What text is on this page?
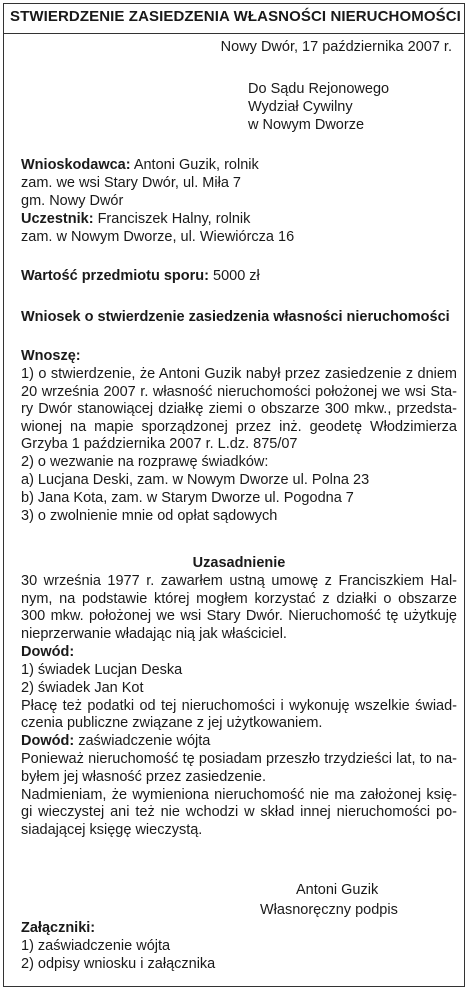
STWIERDZENIE ZASIEDZENIA WŁASNOŚCI NIERUCHOMOŚCI
Nowy Dwór, 17 października 2007 r.
Do Sądu Rejonowego
Wydział Cywilny
w Nowym Dworze
Wnioskodawca: Antoni Guzik, rolnik
zam. we wsi Stary Dwór, ul. Miła 7
gm. Nowy Dwór
Uczestnik: Franciszek Halny, rolnik
zam. w Nowym Dworze, ul. Wiewiórcza 16
Wartość przedmiotu sporu: 5000 zł
Wniosek o stwierdzenie zasiedzenia własności nieruchomości
Wnoszę:
1) o stwierdzenie, że Antoni Guzik nabył przez zasiedzenie z dniem
20 września 2007 r. własność nieruchomości położonej we wsi Sta-
ry Dwór stanowiącej działkę ziemi o obszarze 300 mkw., przedsta-
wionej na mapie sporządzonej przez inż. geodetę Włodzimierza
Grzyba 1 października 2007 r. L.dz. 875/07
2) o wezwanie na rozprawę świadków:
a) Lucjana Deski, zam. w Nowym Dworze ul. Polna 23
b) Jana Kota, zam. w Starym Dworze ul. Pogodna 7
3) o zwolnienie mnie od opłat sądowych
Uzasadnienie
30 września 1977 r. zawarłem ustną umowę z Franciszkiem Hal-
nym, na podstawie której mogłem korzystać z działki o obszarze
300 mkw. położonej we wsi Stary Dwór. Nieruchomość tę użytkuję
nieprzerwanie władając nią jak właściciel.
Dowód:
1) świadek Lucjan Deska
2) świadek Jan Kot
Płacę też podatki od tej nieruchomości i wykonuję wszelkie świad-
czenia publiczne związane z jej użytkowaniem.
Dowód: zaświadczenie wójta
Ponieważ nieruchomość tę posiadam przeszło trzydzieści lat, to na-
byłem jej własność przez zasiedzenie.
Nadmieniam, że wymieniona nieruchomość nie ma założonej księ-
gi wieczystej ani też nie wchodzi w skład innej nieruchomości po-
siadającej księgę wieczystą.
Antoni Guzik
Własnoręczny podpis
Załączniki:
1) zaświadczenie wójta
2) odpisy wniosku i załącznika
